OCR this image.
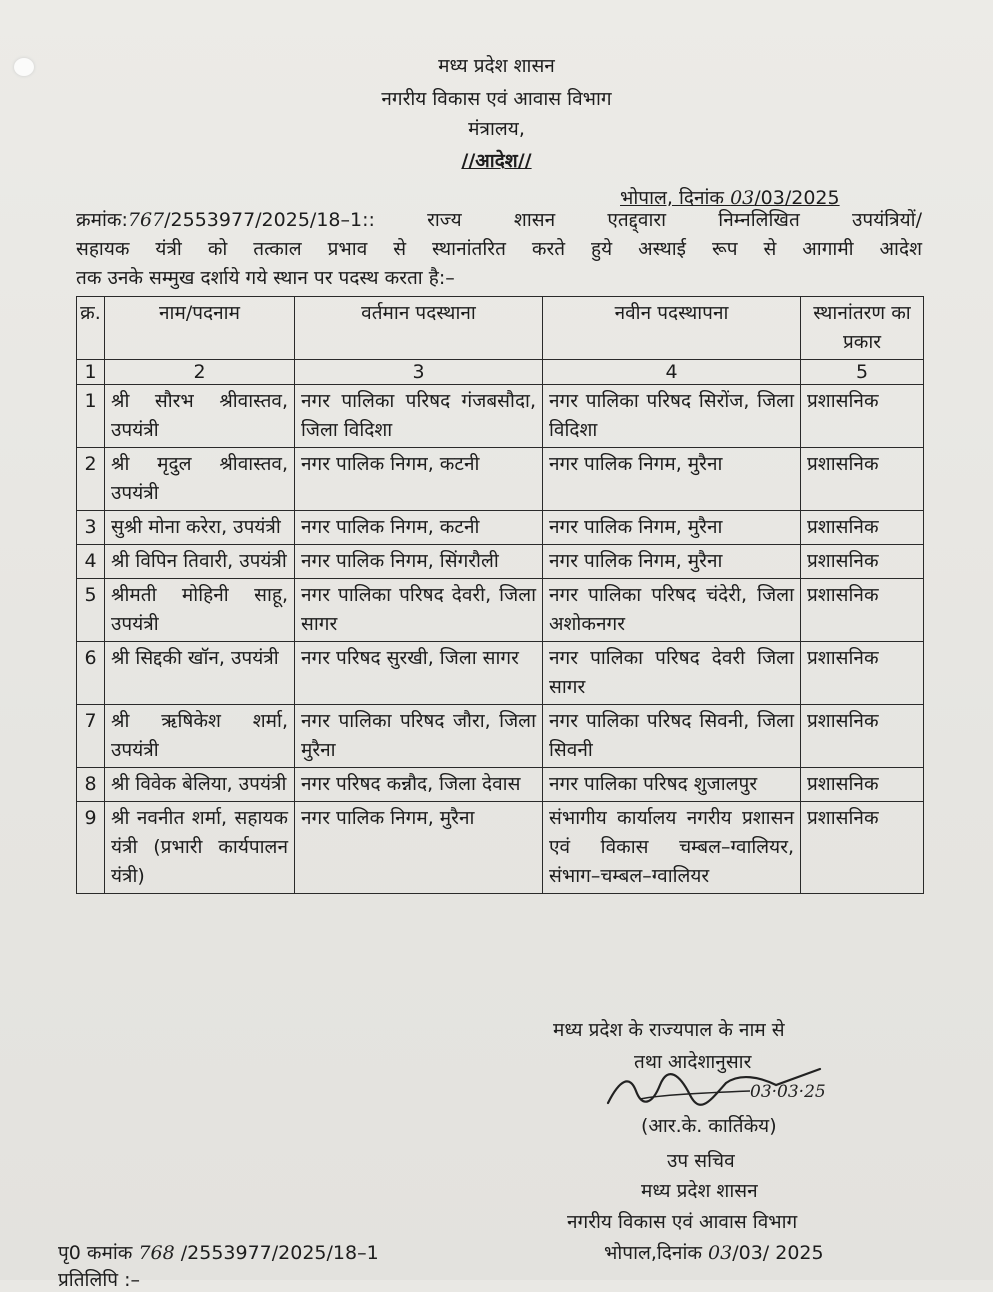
मध्य प्रदेश शासन
नगरीय विकास एवं आवास विभाग
मंत्रालय,
//आदेश//
भोपाल, दिनांक 03/03/2025
क्रमांक:767/2553977/2025/18–1::	राज्य शासन एतद्द्वारा निम्नलिखित उपयंत्रियों/
सहायक यंत्री को तत्काल प्रभाव से स्थानांतरित करते हुये अस्थाई रूप से आगामी आदेश
तक उनके सम्मुख दर्शाये गये स्थान पर पदस्थ करता है:–
क्र.	नाम/पदनाम	वर्तमान पदस्थाना	नवीन पदस्थापना	स्थानांतरण का प्रकार
1	2	3	4	5
1	श्री सौरभ श्रीवास्तव, उपयंत्री	नगर पालिका परिषद गंजबसौदा, जिला विदिशा	नगर पालिका परिषद सिरोंज, जिला विदिशा	प्रशासनिक
2	श्री मृदुल श्रीवास्तव, उपयंत्री	नगर पालिक निगम, कटनी	नगर पालिक निगम, मुरैना	प्रशासनिक
3	सुश्री मोना करेरा, उपयंत्री	नगर पालिक निगम, कटनी	नगर पालिक निगम, मुरैना	प्रशासनिक
4	श्री विपिन तिवारी, उपयंत्री	नगर पालिक निगम, सिंगरौली	नगर पालिक निगम, मुरैना	प्रशासनिक
5	श्रीमती मोहिनी साहू, उपयंत्री	नगर पालिका परिषद देवरी, जिला सागर	नगर पालिका परिषद चंदेरी, जिला अशोकनगर	प्रशासनिक
6	श्री सिद्दकी खॉन, उपयंत्री	नगर परिषद सुरखी, जिला सागर	नगर पालिका परिषद देवरी जिला सागर	प्रशासनिक
7	श्री ऋषिकेश शर्मा, उपयंत्री	नगर पालिका परिषद जौरा, जिला मुरैना	नगर पालिका परिषद सिवनी, जिला सिवनी	प्रशासनिक
8	श्री विवेक बेलिया, उपयंत्री	नगर परिषद कन्नौद, जिला देवास	नगर पालिका परिषद शुजालपुर	प्रशासनिक
9	श्री नवनीत शर्मा, सहायक यंत्री (प्रभारी कार्यपालन यंत्री)	नगर पालिक निगम, मुरैना	संभागीय कार्यालय नगरीय प्रशासन एवं विकास चम्बल–ग्वालियर, संभाग–चम्बल–ग्वालियर	प्रशासनिक
मध्य प्रदेश के राज्यपाल के नाम से
तथा आदेशानुसार
03·03·25
(आर.के. कार्तिकेय)
उप सचिव
मध्य प्रदेश शासन
नगरीय विकास एवं आवास विभाग
भोपाल,दिनांक 03/03/ 2025
पृ0 कमांक 768 /2553977/2025/18–1
प्रतिलिपि :–
